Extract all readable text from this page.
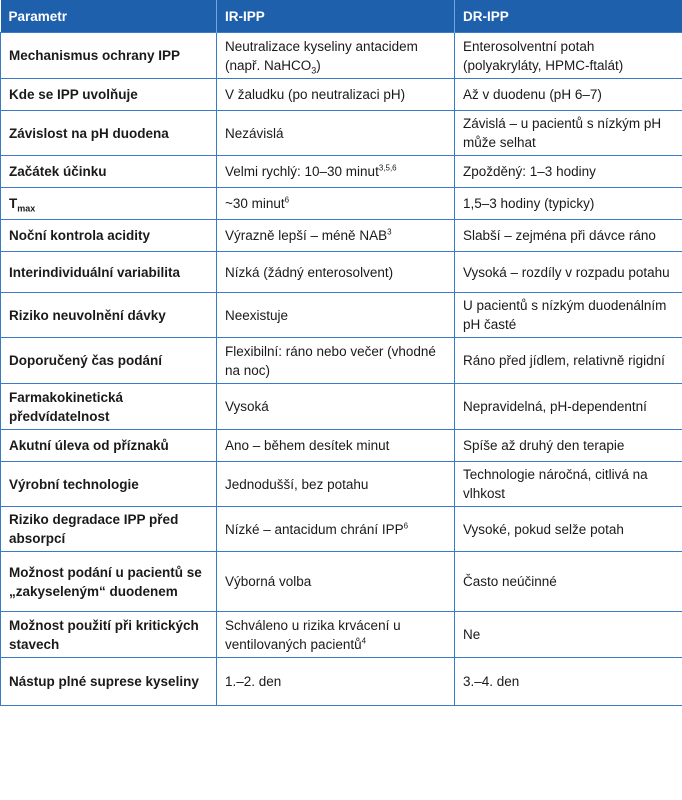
Parametr	IR-IPP	DR-IPP
Mechanismus ochrany IPP	Neutralizace kyseliny antacidem (např. NaHCO$_3$)	Enterosolventní potah (polyakryláty, HPMC-ftalát)
Kde se IPP uvolňuje	V žaludku (po neutralizaci pH)	Až v duodenu (pH 6–7)
Závislost na pH duodena	Nezávislá	Závislá – u pacientů s nízkým pH může selhat
Začátek účinku	Velmi rychlý: 10–30 minut$^{3,5,6}$	Zpožděný: 1–3 hodiny
$T_{max}$	~30 minut$^6$	1,5–3 hodiny (typicky)
Noční kontrola acidity	Výrazně lepší – méně NAB$^3$	Slabší – zejména při dávce ráno
Interindividuální variabilita	Nízká (žádný enterosolvent)	Vysoká – rozdíly v rozpadu potahu
Riziko neuvolnění dávky	Neexistuje	U pacientů s nízkým duodenálním pH časté
Doporučený čas podání	Flexibilní: ráno nebo večer (vhodné na noc)	Ráno před jídlem, relativně rigidní
Farmakokinetická předvídatelnost	Vysoká	Nepravidelná, pH-dependentní
Akutní úleva od příznaků	Ano – během desítek minut	Spíše až druhý den terapie
Výrobní technologie	Jednodušší, bez potahu	Technologie náročná, citlivá na vlhkost
Riziko degradace IPP před absorpcí	Nízké – antacidum chrání IPP$^6$	Vysoké, pokud selže potah
Možnost podání u pacientů se „zakyseleným“ duodenem	Výborná volba	Často neúčinné
Možnost použití při kritických stavech	Schváleno u rizika krvácení u ventilovaných pacientů$^4$	Ne
Nástup plné suprese kyseliny	1.–2. den	3.–4. den
